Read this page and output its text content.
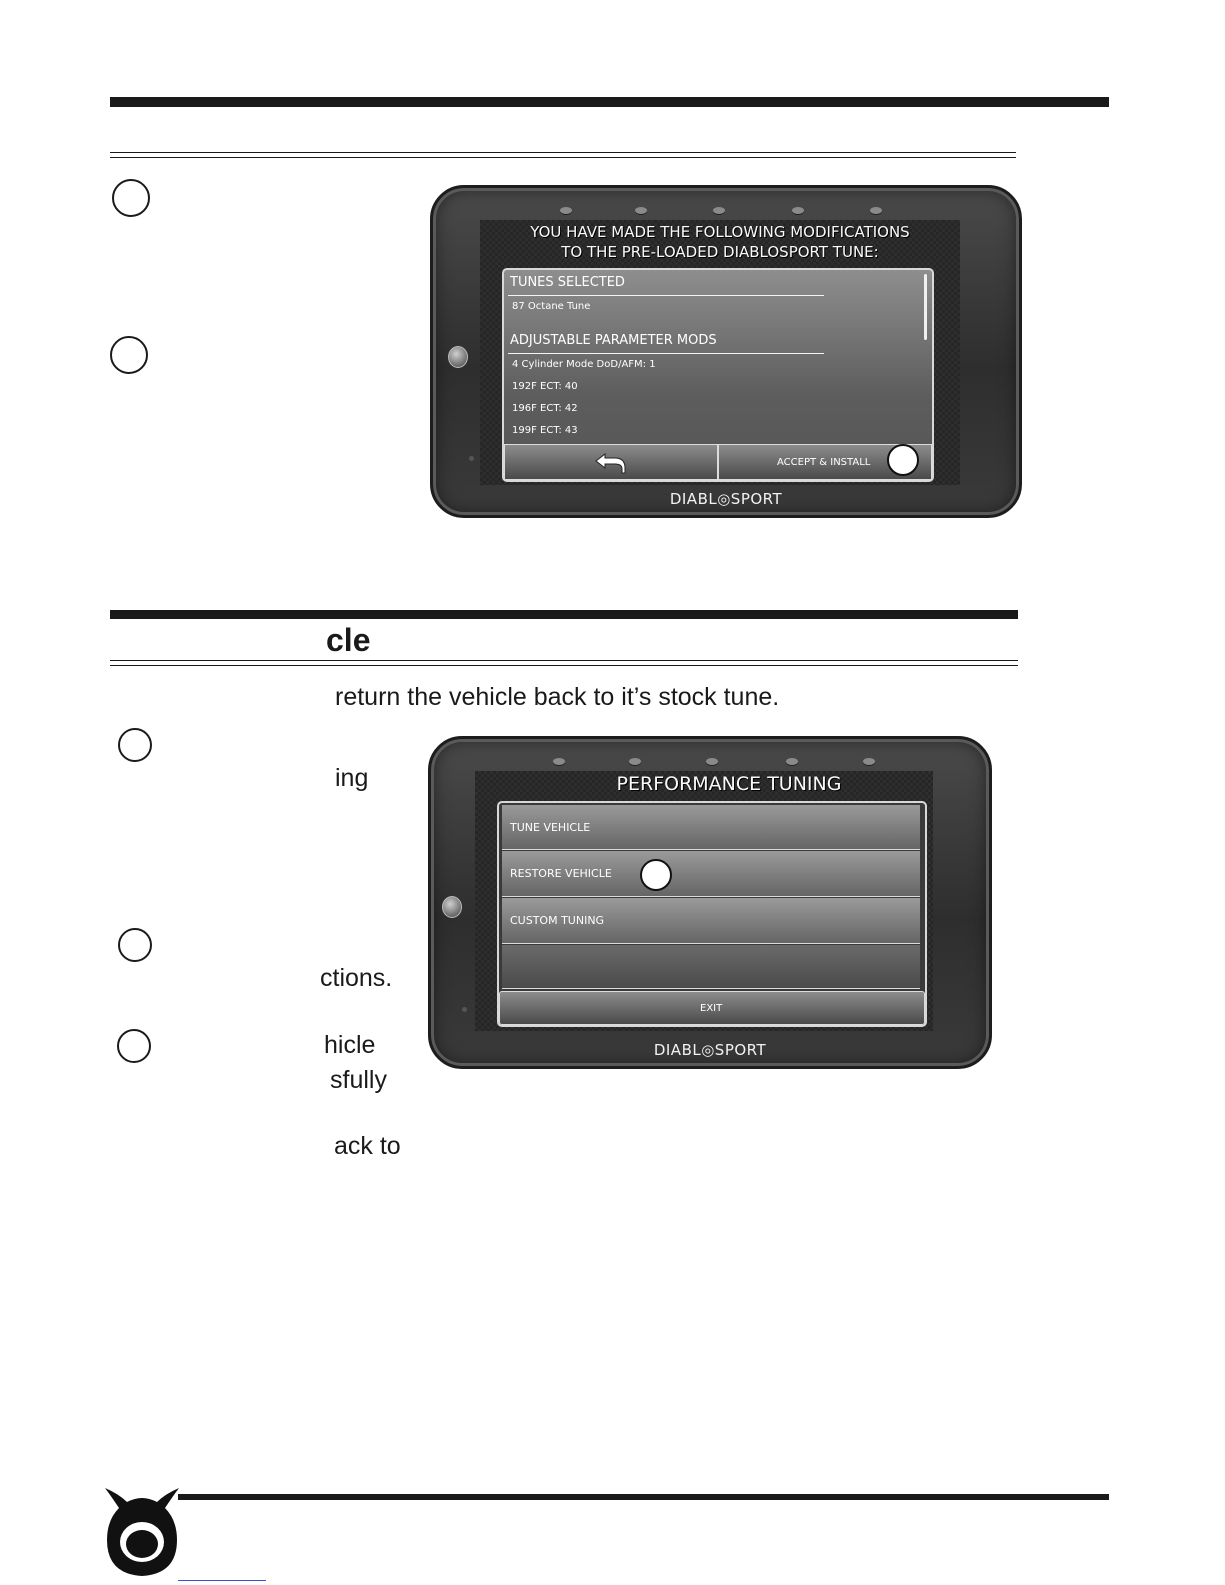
YOU HAVE MADE THE FOLLOWING MODIFICATIONS
TO THE PRE-LOADED DIABLOSPORT TUNE:
TUNES SELECTED
87 Octane Tune
ADJUSTABLE PARAMETER MODS
4 Cylinder Mode DoD/AFM: 1
192F ECT: 40
196F ECT: 42
199F ECT: 43
ACCEPT & INSTALL
DIABL◎SPORT
cle
return the vehicle back to it’s stock tune.
ing
ctions.
hicle
sfully
ack to
PERFORMANCE TUNING
TUNE VEHICLE
RESTORE VEHICLE
CUSTOM TUNING
EXIT
DIABL◎SPORT
